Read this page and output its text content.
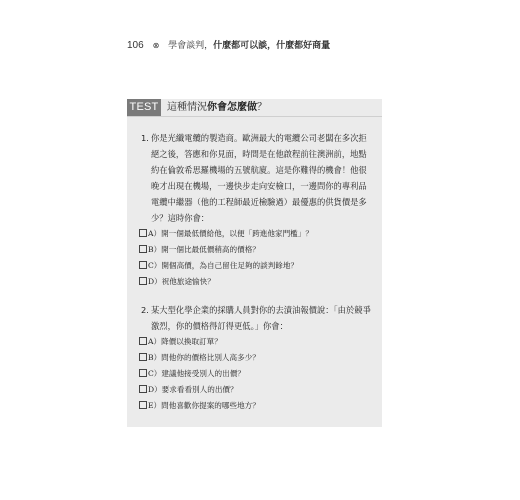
106 ⊗ 學會談判，什麼都可以談，什麼都好商量
TEST 這種情況你會怎麼做？

1. 你是光纖電纜的製造商。歐洲最大的電纜公司老闆在多次拒絕之後，答應和你見面，時間是在他啟程前往澳洲前，地點約在倫敦希思羅機場的五號航廈。這是你難得的機會！他很晚才出現在機場，一邊快步走向安檢口，一邊問你的專利品電纜中繼器（他的工程師最近檢驗過）最優惠的供貨價是多少？這時你會：

A）開一個最低價給他，以便「跨進他家門檻」？
B）開一個比最低價稍高的價格？
C）開個高價，為自己留住足夠的談判餘地？
D）祝他旅途愉快？

2. 某大型化學企業的採購人員對你的去漬油報價說：「由於競爭激烈，你的價格得訂得更低。」你會：

A）降價以換取訂單？
B）問他你的價格比別人高多少？
C）建議他接受別人的出價？
D）要求看看別人的出價？
E）問他喜歡你提案的哪些地方？
